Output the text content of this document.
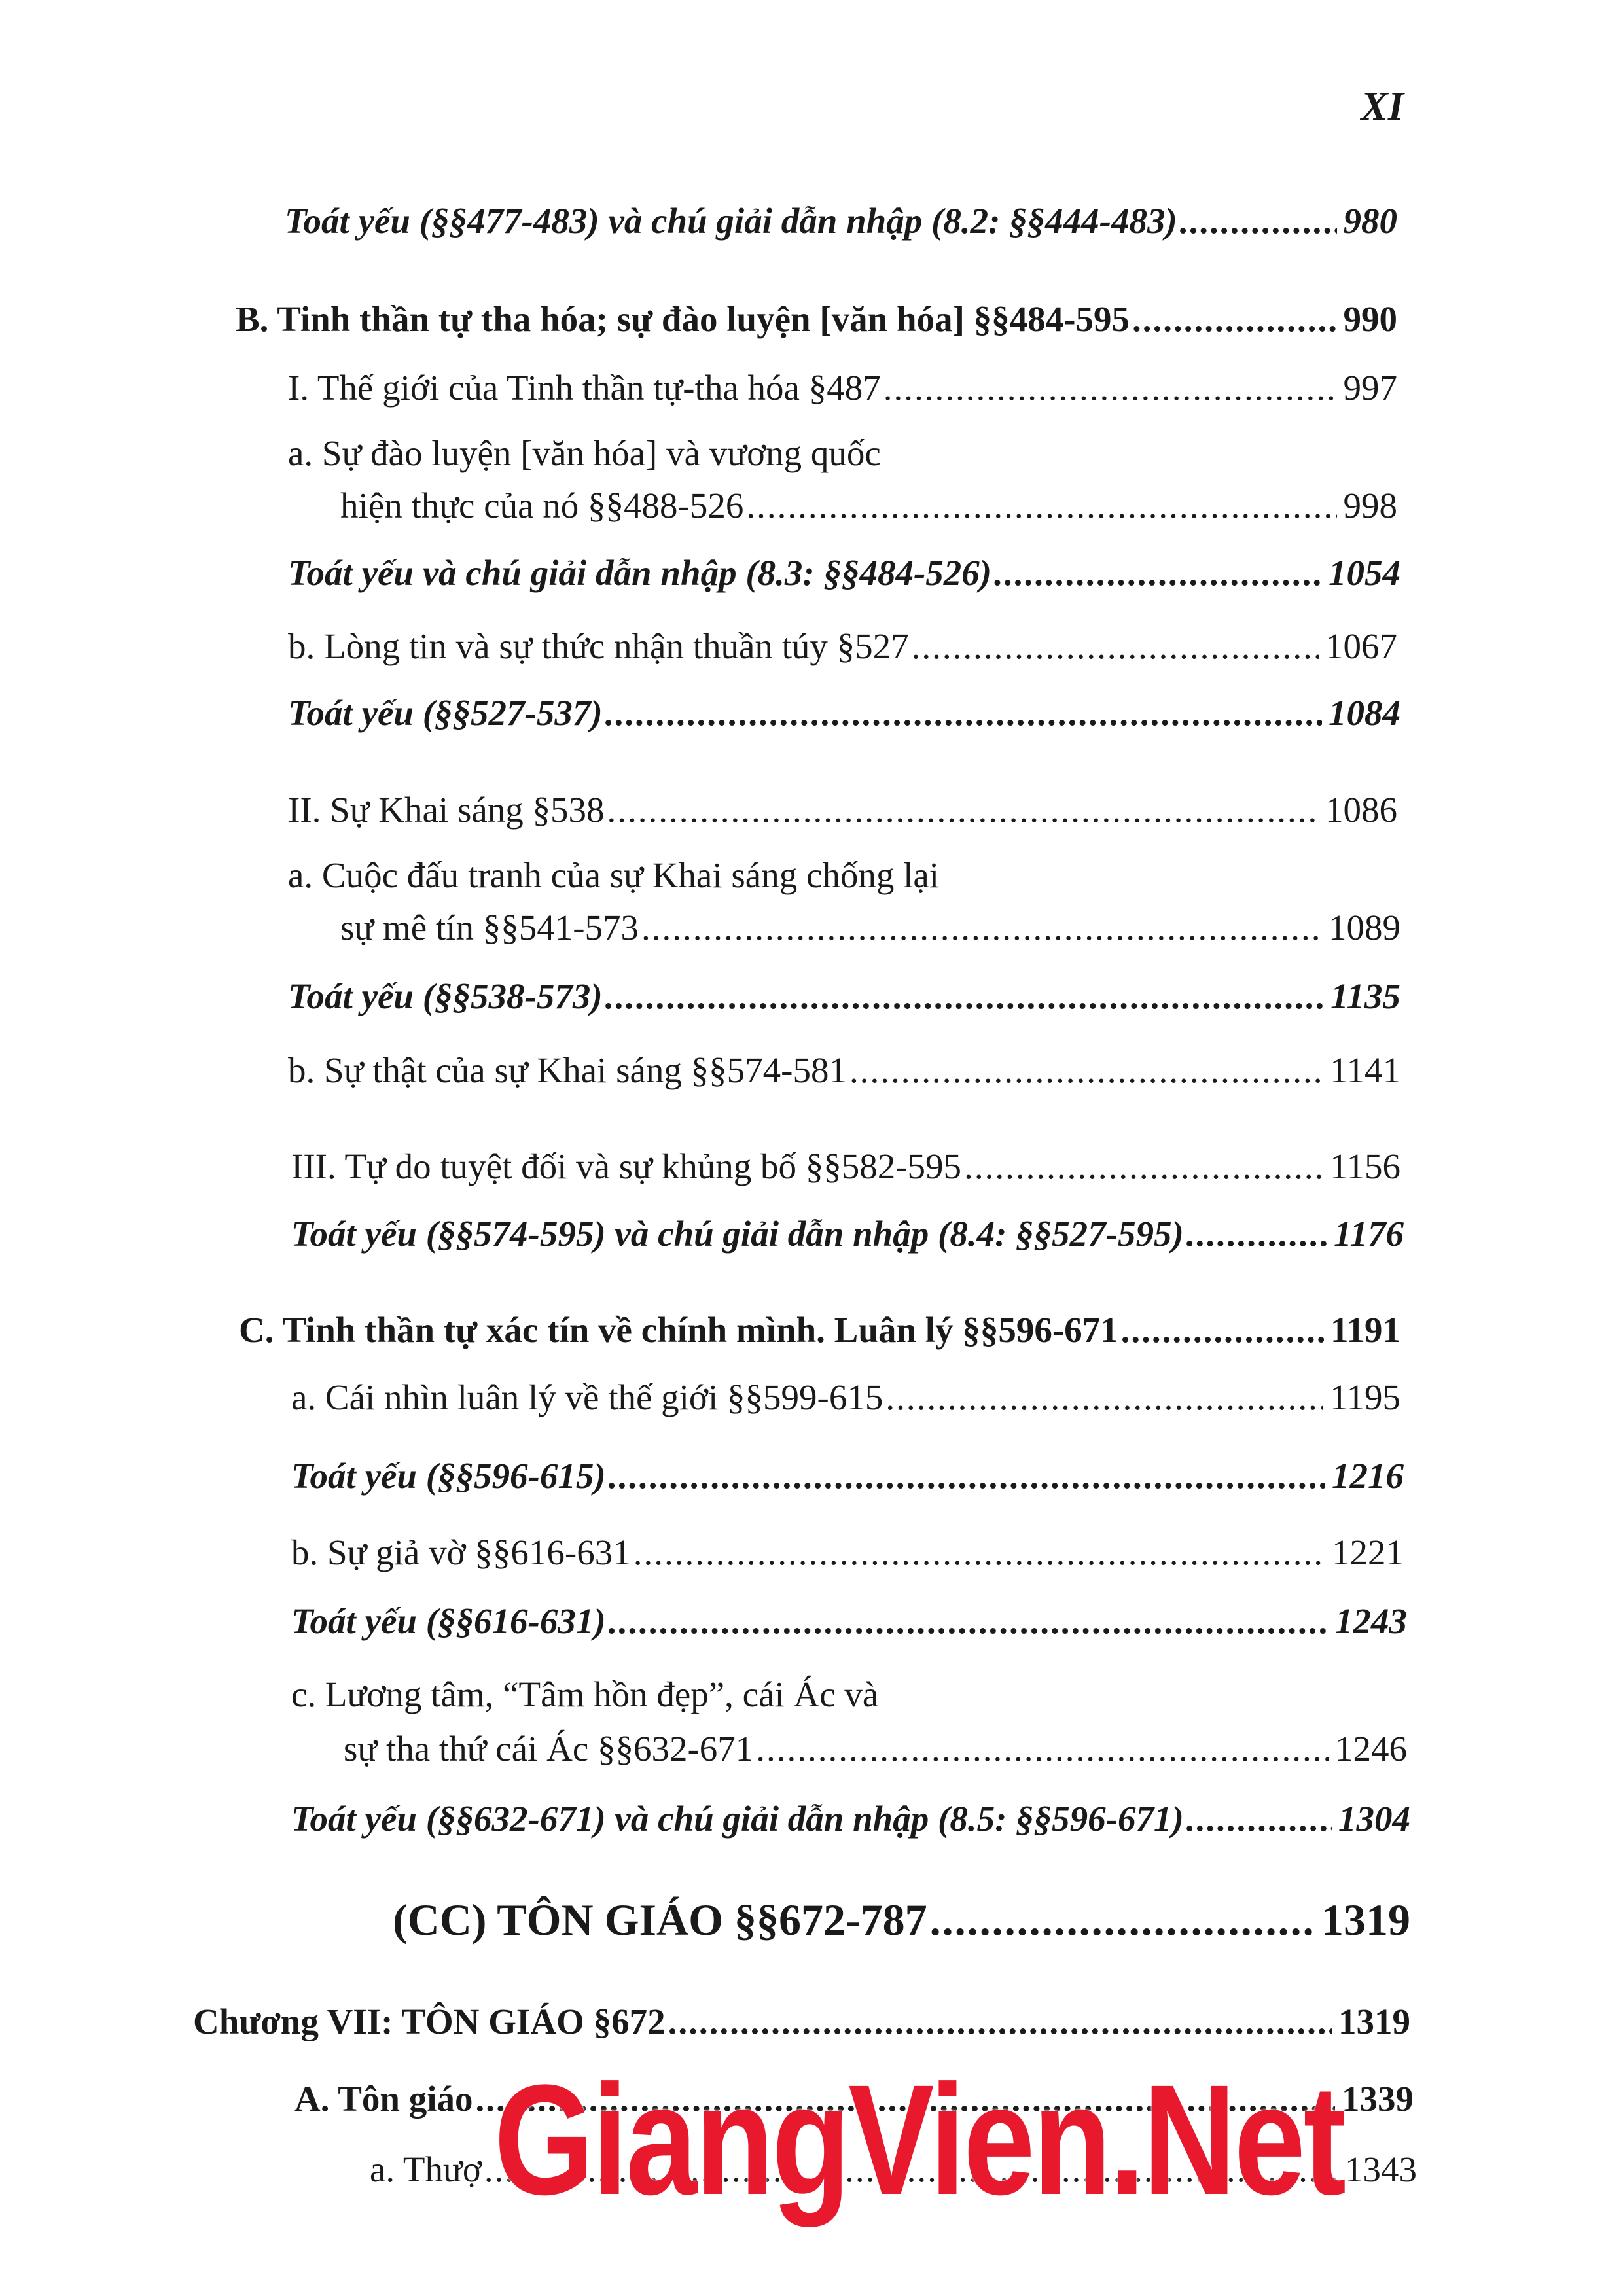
XI
Toát yếu (§§477-483) và chú giải dẫn nhập (8.2: §§444-483) .....	980
B. Tinh thần tự tha hóa; sự đào luyện [văn hóa] §§484-595 .....	990
I. Thế giới của Tinh thần tự-tha hóa §487 .....	997
a. Sự đào luyện [văn hóa] và vương quốc
hiện thực của nó §§488-526 .....	998
Toát yếu và chú giải dẫn nhập (8.3: §§484-526) .....	1054
b. Lòng tin và sự thức nhận thuần túy §527 .....	1067
Toát yếu (§§527-537) .....	1084
II. Sự Khai sáng §538 .....	1086
a. Cuộc đấu tranh của sự Khai sáng chống lại
sự mê tín §§541-573 .....	1089
Toát yếu (§§538-573) .....	1135
b. Sự thật của sự Khai sáng §§574-581 .....	1141
III. Tự do tuyệt đối và sự khủng bố §§582-595 .....	1156
Toát yếu (§§574-595) và chú giải dẫn nhập (8.4: §§527-595) .....	1176
C. Tinh thần tự xác tín về chính mình. Luân lý §§596-671 .....	1191
a. Cái nhìn luân lý về thế giới §§599-615 .....	1195
Toát yếu (§§596-615) .....	1216
b. Sự giả vờ §§616-631 .....	1221
Toát yếu (§§616-631) .....	1243
c. Lương tâm, “Tâm hồn đẹp”, cái Ác và
sự tha thứ cái Ác §§632-671 .....	1246
Toát yếu (§§632-671) và chú giải dẫn nhập (8.5: §§596-671) .....	1304
(CC) TÔN GIÁO §§672-787 .....	1319
Chương VII: TÔN GIÁO §672 .....	1319
A. Tôn giáo .....	1339
a. Thượ .....	1343
GiangVien.Net
